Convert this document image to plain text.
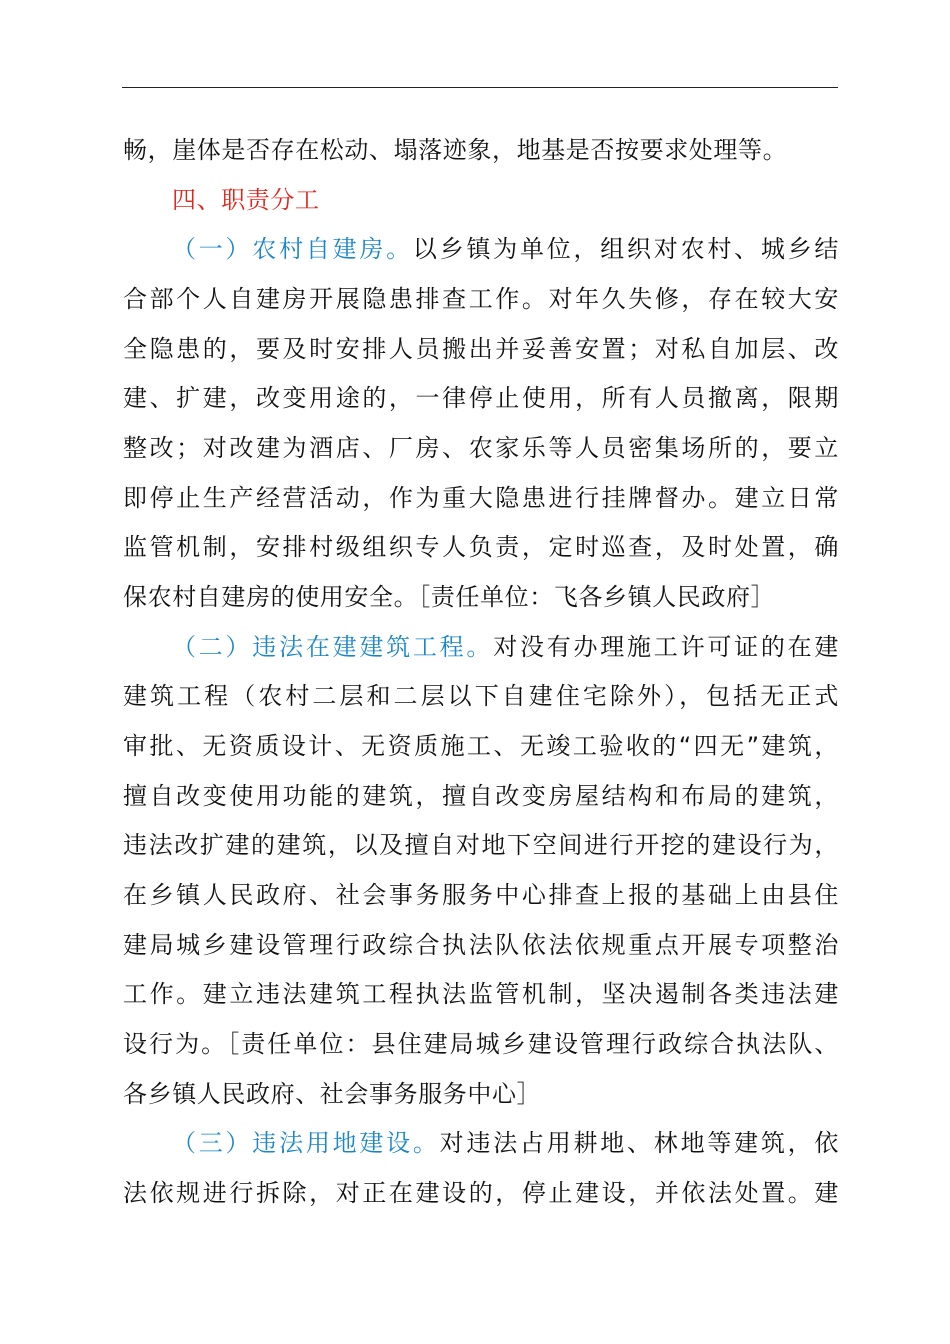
畅，崖体是否存在松动、塌落迹象，地基是否按要求处理等。
四、职责分工
（一）农村自建房。以乡镇为单位，组织对农村、城乡结
合部个人自建房开展隐患排查工作。对年久失修，存在较大安
全隐患的，要及时安排人员搬出并妥善安置；对私自加层、改
建、扩建，改变用途的，一律停止使用，所有人员撤离，限期
整改；对改建为酒店、厂房、农家乐等人员密集场所的，要立
即停止生产经营活动，作为重大隐患进行挂牌督办。建立日常
监管机制，安排村级组织专人负责，定时巡查，及时处置，确
保农村自建房的使用安全。［责任单位：飞各乡镇人民政府］
（二）违法在建建筑工程。对没有办理施工许可证的在建
建筑工程（农村二层和二层以下自建住宅除外），包括无正式
审批、无资质设计、无资质施工、无竣工验收的“四无”建筑，
擅自改变使用功能的建筑，擅自改变房屋结构和布局的建筑，
违法改扩建的建筑，以及擅自对地下空间进行开挖的建设行为，
在乡镇人民政府、社会事务服务中心排查上报的基础上由县住
建局城乡建设管理行政综合执法队依法依规重点开展专项整治
工作。建立违法建筑工程执法监管机制，坚决遏制各类违法建
设行为。［责任单位：县住建局城乡建设管理行政综合执法队、
各乡镇人民政府、社会事务服务中心］
（三）违法用地建设。对违法占用耕地、林地等建筑，依
法依规进行拆除，对正在建设的，停止建设，并依法处置。建
